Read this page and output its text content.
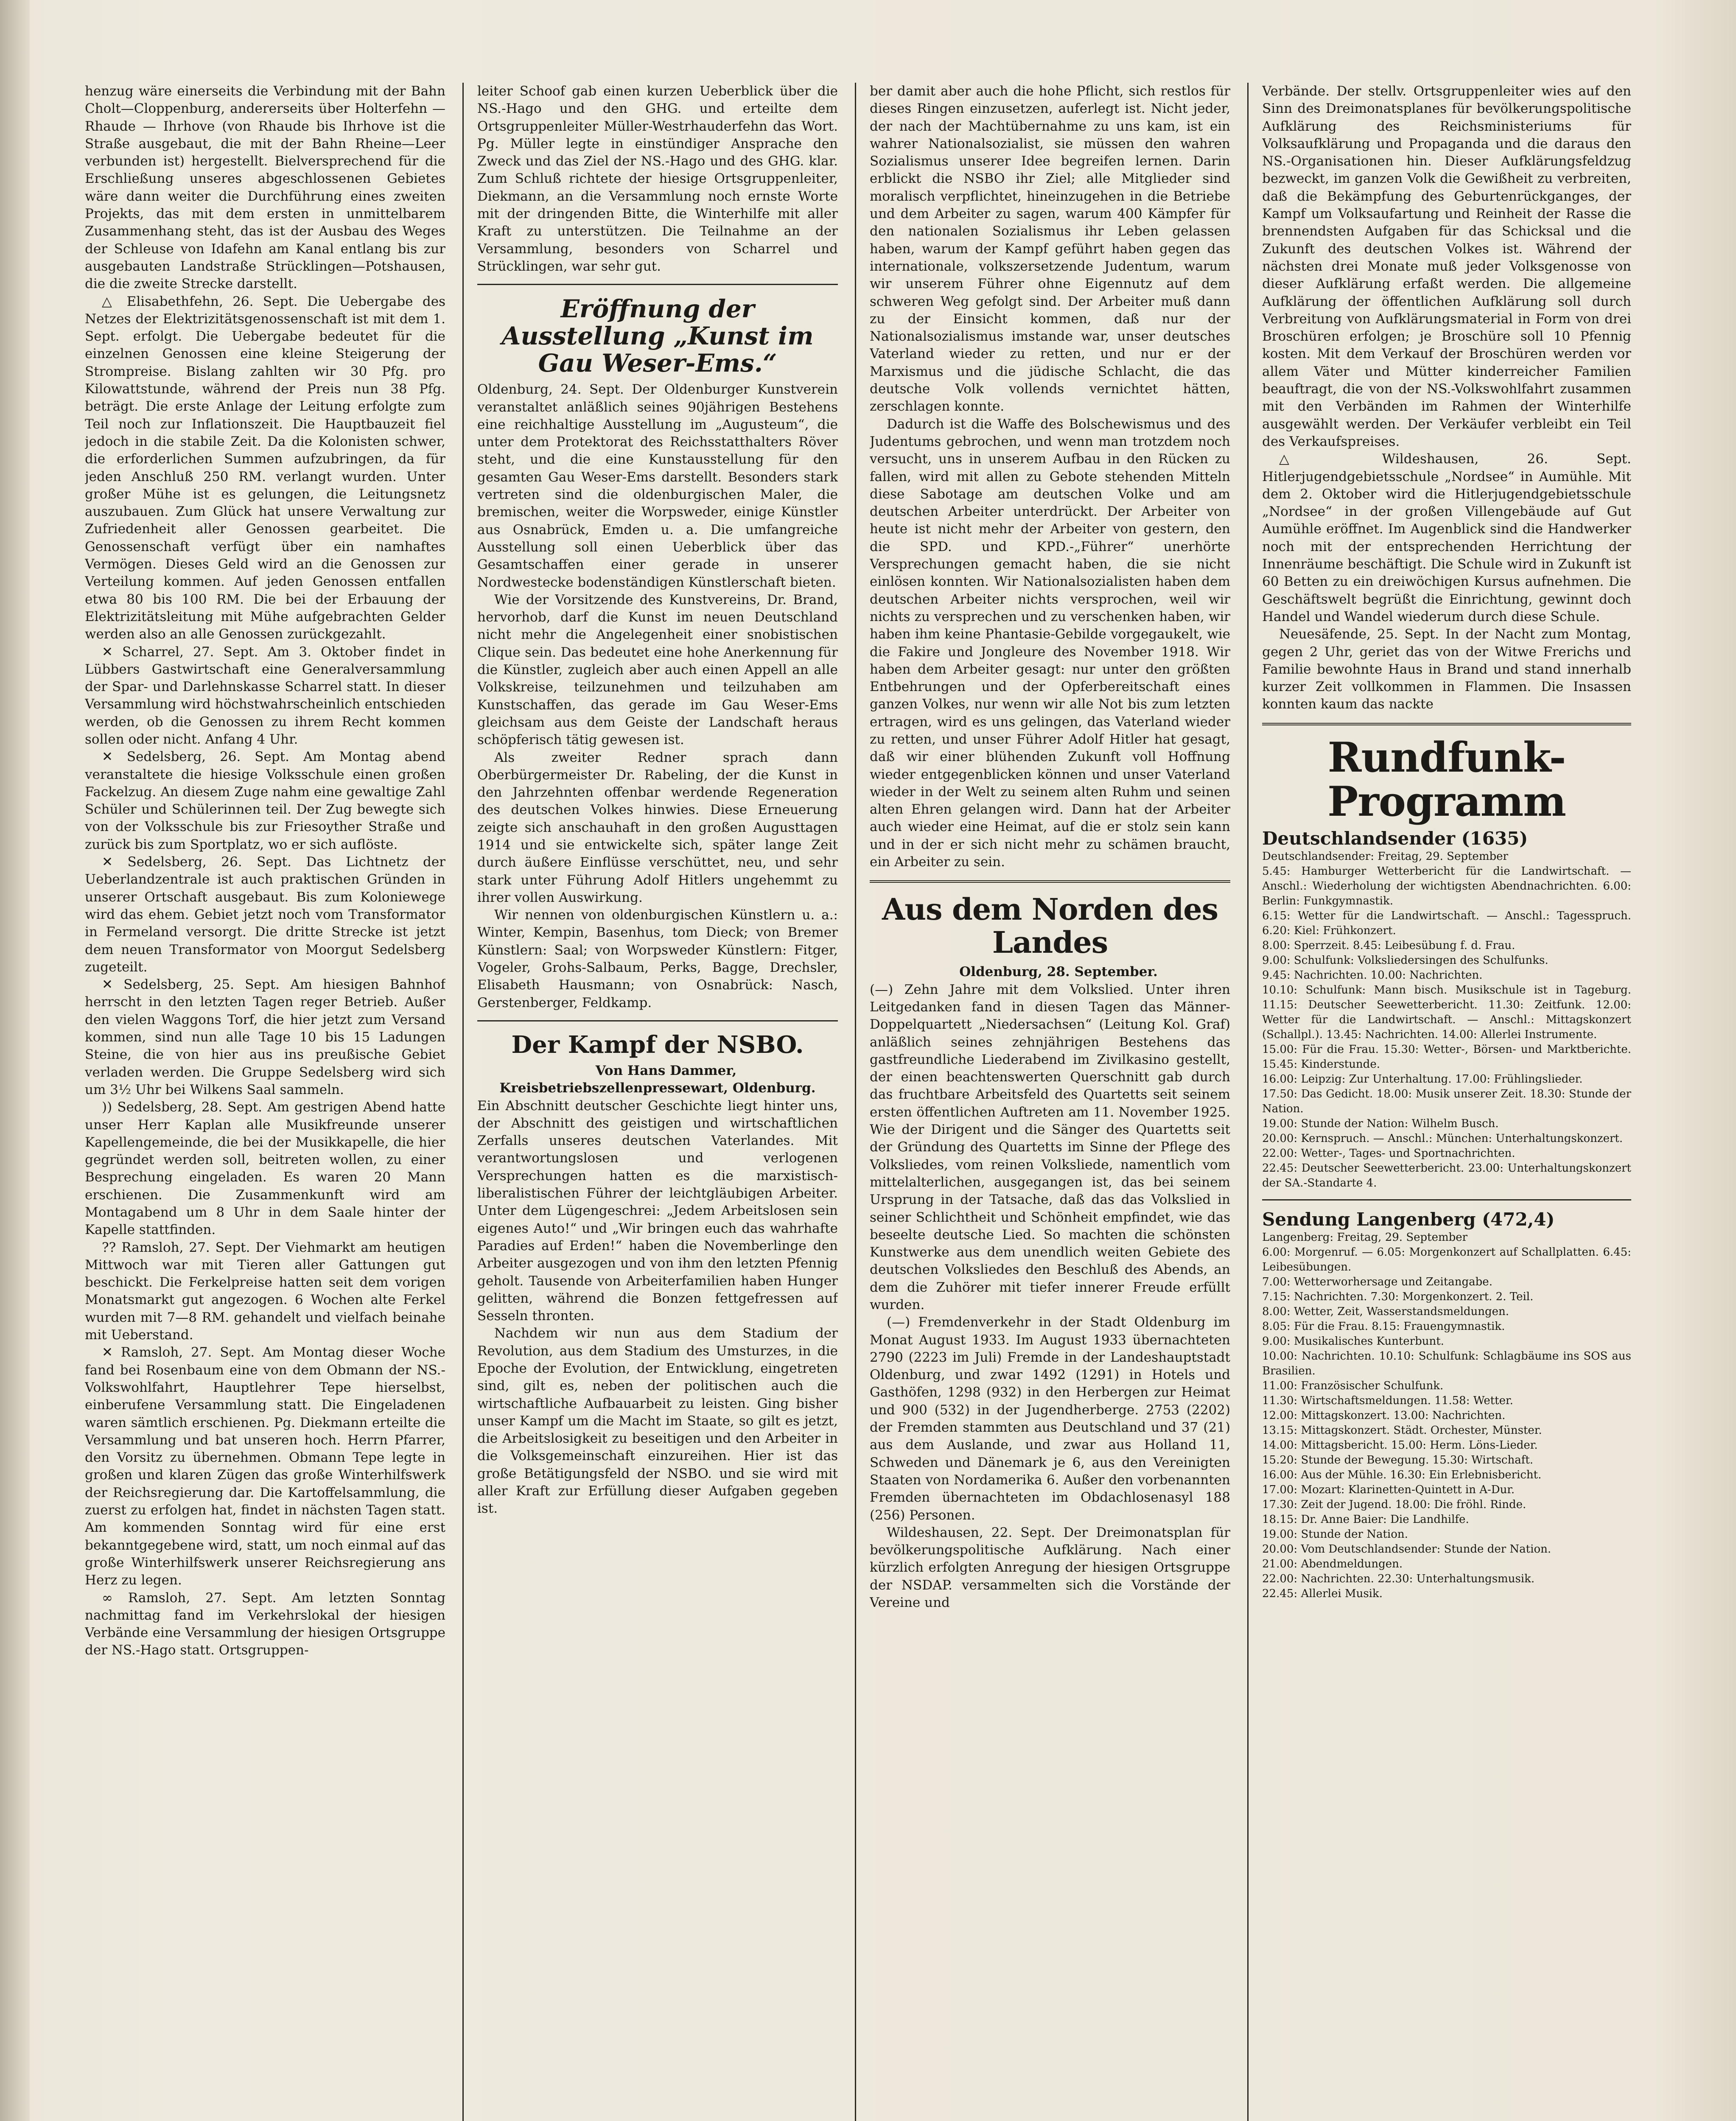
henzug wäre einerseits die Verbindung mit der Bahn Cholt—Cloppenburg, andererseits über Holterfehn — Rhaude — Ihrhove (von Rhaude bis Ihrhove ist die Straße ausgebaut, die mit der Bahn Rheine—Leer verbunden ist) hergestellt. Bielversprechend für die Erschließung unseres abgeschlossenen Gebietes wäre dann weiter die Durchführung eines zweiten Projekts, das mit dem ersten in unmittelbarem Zusammenhang steht, das ist der Ausbau des Weges der Schleuse von Idafehn am Kanal entlang bis zur ausgebauten Landstraße Strücklingen—Potshausen, die die zweite Strecke darstellt.

△ Elisabethfehn, 26. Sept. Die Uebergabe des Netzes der Elektrizitätsgenossenschaft ist mit dem 1. Sept. erfolgt. Die Uebergabe bedeutet für die einzelnen Genossen eine kleine Steigerung der Strompreise. Bislang zahlten wir 30 Pfg. pro Kilowattstunde, während der Preis nun 38 Pfg. beträgt. Die erste Anlage der Leitung erfolgte zum Teil noch zur Inflationszeit. Die Hauptbauzeit fiel jedoch in die stabile Zeit. Da die Kolonisten schwer, die erforderlichen Summen aufzubringen, da für jeden Anschluß 250 RM. verlangt wurden. Unter großer Mühe ist es gelungen, die Leitungsnetz auszubauen. Zum Glück hat unsere Verwaltung zur Zufriedenheit aller Genossen gearbeitet. Die Genossenschaft verfügt über ein namhaftes Vermögen. Dieses Geld wird an die Genossen zur Verteilung kommen. Auf jeden Genossen entfallen etwa 80 bis 100 RM. Die bei der Erbauung der Elektrizitätsleitung mit Mühe aufgebrachten Gelder werden also an alle Genossen zurückgezahlt.

✕ Scharrel, 27. Sept. Am 3. Oktober findet in Lübbers Gastwirtschaft eine Generalversammlung der Spar- und Darlehnskasse Scharrel statt. In dieser Versammlung wird höchstwahrscheinlich entschieden werden, ob die Genossen zu ihrem Recht kommen sollen oder nicht. Anfang 4 Uhr.

✕ Sedelsberg, 26. Sept. Am Montag abend veranstaltete die hiesige Volksschule einen großen Fackelzug. An diesem Zuge nahm eine gewaltige Zahl Schüler und Schülerinnen teil. Der Zug bewegte sich von der Volksschule bis zur Friesoyther Straße und zurück bis zum Sportplatz, wo er sich auflöste.

✕ Sedelsberg, 26. Sept. Das Lichtnetz der Ueberlandzentrale ist auch praktischen Gründen in unserer Ortschaft ausgebaut. Bis zum Koloniewege wird das ehem. Gebiet jetzt noch vom Transformator in Fermeland versorgt. Die dritte Strecke ist jetzt dem neuen Transformator von Moorgut Sedelsberg zugeteilt.

✕ Sedelsberg, 25. Sept. Am hiesigen Bahnhof herrscht in den letzten Tagen reger Betrieb. Außer den vielen Waggons Torf, die hier jetzt zum Versand kommen, sind nun alle Tage 10 bis 15 Ladungen Steine, die von hier aus ins preußische Gebiet verladen werden. Die Gruppe Sedelsberg wird sich um 3½ Uhr bei Wilkens Saal sammeln.

)) Sedelsberg, 28. Sept. Am gestrigen Abend hatte unser Herr Kaplan alle Musikfreunde unserer Kapellengemeinde, die bei der Musikkapelle, die hier gegründet werden soll, beitreten wollen, zu einer Besprechung eingeladen. Es waren 20 Mann erschienen. Die Zusammenkunft wird am Montagabend um 8 Uhr in dem Saale hinter der Kapelle stattfinden.

?? Ramsloh, 27. Sept. Der Viehmarkt am heutigen Mittwoch war mit Tieren aller Gattungen gut beschickt. Die Ferkelpreise hatten seit dem vorigen Monatsmarkt gut angezogen. 6 Wochen alte Ferkel wurden mit 7—8 RM. gehandelt und vielfach beinahe mit Ueberstand.

✕ Ramsloh, 27. Sept. Am Montag dieser Woche fand bei Rosenbaum eine von dem Obmann der NS.-Volkswohlfahrt, Hauptlehrer Tepe hierselbst, einberufene Versammlung statt. Die Eingeladenen waren sämtlich erschienen. Pg. Diekmann erteilte die Versammlung und bat unseren hoch. Herrn Pfarrer, den Vorsitz zu übernehmen. Obmann Tepe legte in großen und klaren Zügen das große Winterhilfswerk der Reichsregierung dar. Die Kartoffelsammlung, die zuerst zu erfolgen hat, findet in nächsten Tagen statt. Am kommenden Sonntag wird für eine erst bekanntgegebene wird, statt, um noch einmal auf das große Winterhilfswerk unserer Reichsregierung ans Herz zu legen.

∞ Ramsloh, 27. Sept. Am letzten Sonntag nachmittag fand im Verkehrslokal der hiesigen Verbände eine Versammlung der hiesigen Ortsgruppe der NS.-Hago statt. Ortsgruppen-

leiter Schoof gab einen kurzen Ueberblick über die NS.-Hago und den GHG. und erteilte dem Ortsgruppenleiter Müller-Westrhauderfehn das Wort. Pg. Müller legte in einstündiger Ansprache den Zweck und das Ziel der NS.-Hago und des GHG. klar. Zum Schluß richtete der hiesige Ortsgruppenleiter, Diekmann, an die Versammlung noch ernste Worte mit der dringenden Bitte, die Winterhilfe mit aller Kraft zu unterstützen. Die Teilnahme an der Versammlung, besonders von Scharrel und Strücklingen, war sehr gut.

Eröffnung der Ausstellung „Kunst im Gau Weser-Ems.“

Oldenburg, 24. Sept. Der Oldenburger Kunstverein veranstaltet anläßlich seines 90jährigen Bestehens eine reichhaltige Ausstellung im „Augusteum“, die unter dem Protektorat des Reichsstatthalters Röver steht, und die eine Kunstausstellung für den gesamten Gau Weser-Ems darstellt. Besonders stark vertreten sind die oldenburgischen Maler, die bremischen, weiter die Worpsweder, einige Künstler aus Osnabrück, Emden u. a. Die umfangreiche Ausstellung soll einen Ueberblick über das Gesamtschaffen einer gerade in unserer Nordwestecke bodenständigen Künstlerschaft bieten.

Wie der Vorsitzende des Kunstvereins, Dr. Brand, hervorhob, darf die Kunst im neuen Deutschland nicht mehr die Angelegenheit einer snobistischen Clique sein. Das bedeutet eine hohe Anerkennung für die Künstler, zugleich aber auch einen Appell an alle Volkskreise, teilzunehmen und teilzuhaben am Kunstschaffen, das gerade im Gau Weser-Ems gleichsam aus dem Geiste der Landschaft heraus schöpferisch tätig gewesen ist.

Als zweiter Redner sprach dann Oberbürgermeister Dr. Rabeling, der die Kunst in den Jahrzehnten offenbar werdende Regeneration des deutschen Volkes hinwies. Diese Erneuerung zeigte sich anschauhaft in den großen Augusttagen 1914 und sie entwickelte sich, später lange Zeit durch äußere Einflüsse verschüttet, neu, und sehr stark unter Führung Adolf Hitlers ungehemmt zu ihrer vollen Auswirkung.

Wir nennen von oldenburgischen Künstlern u. a.: Winter, Kempin, Basenhus, tom Dieck; von Bremer Künstlern: Saal; von Worpsweder Künstlern: Fitger, Vogeler, Grohs-Salbaum, Perks, Bagge, Drechsler, Elisabeth Hausmann; von Osnabrück: Nasch, Gerstenberger, Feldkamp.

Der Kampf der NSBO.

Von Hans Dammer, Kreisbetriebszellenpressewart, Oldenburg.

Ein Abschnitt deutscher Geschichte liegt hinter uns, der Abschnitt des geistigen und wirtschaftlichen Zerfalls unseres deutschen Vaterlandes. Mit verantwortungslosen und verlogenen Versprechungen hatten es die marxistisch-liberalistischen Führer der leichtgläubigen Arbeiter. Unter dem Lügengeschrei: „Jedem Arbeitslosen sein eigenes Auto!“ und „Wir bringen euch das wahrhafte Paradies auf Erden!“ haben die Novemberlinge den Arbeiter ausgezogen und von ihm den letzten Pfennig geholt. Tausende von Arbeiterfamilien haben Hunger gelitten, während die Bonzen fettgefressen auf Sesseln thronten.

Nachdem wir nun aus dem Stadium der Revolution, aus dem Stadium des Umsturzes, in die Epoche der Evolution, der Entwicklung, eingetreten sind, gilt es, neben der politischen auch die wirtschaftliche Aufbauarbeit zu leisten. Ging bisher unser Kampf um die Macht im Staate, so gilt es jetzt, die Arbeitslosigkeit zu beseitigen und den Arbeiter in die Volksgemeinschaft einzureihen. Hier ist das große Betätigungsfeld der NSBO. und sie wird mit aller Kraft zur Erfüllung dieser Aufgaben gegeben ist.

ber damit aber auch die hohe Pflicht, sich restlos für dieses Ringen einzusetzen, auferlegt ist. Nicht jeder, der nach der Machtübernahme zu uns kam, ist ein wahrer Nationalsozialist, sie müssen den wahren Sozialismus unserer Idee begreifen lernen. Darin erblickt die NSBO ihr Ziel; alle Mitglieder sind moralisch verpflichtet, hineinzugehen in die Betriebe und dem Arbeiter zu sagen, warum 400 Kämpfer für den nationalen Sozialismus ihr Leben gelassen haben, warum der Kampf geführt haben gegen das internationale, volkszersetzende Judentum, warum wir unserem Führer ohne Eigennutz auf dem schweren Weg gefolgt sind. Der Arbeiter muß dann zu der Einsicht kommen, daß nur der Nationalsozialismus imstande war, unser deutsches Vaterland wieder zu retten, und nur er der Marxismus und die jüdische Schlacht, die das deutsche Volk vollends vernichtet hätten, zerschlagen konnte.

Dadurch ist die Waffe des Bolschewismus und des Judentums gebrochen, und wenn man trotzdem noch versucht, uns in unserem Aufbau in den Rücken zu fallen, wird mit allen zu Gebote stehenden Mitteln diese Sabotage am deutschen Volke und am deutschen Arbeiter unterdrückt. Der Arbeiter von heute ist nicht mehr der Arbeiter von gestern, den die SPD. und KPD.-„Führer“ unerhörte Versprechungen gemacht haben, die sie nicht einlösen konnten. Wir Nationalsozialisten haben dem deutschen Arbeiter nichts versprochen, weil wir nichts zu versprechen und zu verschenken haben, wir haben ihm keine Phantasie-Gebilde vorgegaukelt, wie die Fakire und Jongleure des November 1918. Wir haben dem Arbeiter gesagt: nur unter den größten Entbehrungen und der Opferbereitschaft eines ganzen Volkes, nur wenn wir alle Not bis zum letzten ertragen, wird es uns gelingen, das Vaterland wieder zu retten, und unser Führer Adolf Hitler hat gesagt, daß wir einer blühenden Zukunft voll Hoffnung wieder entgegenblicken können und unser Vaterland wieder in der Welt zu seinem alten Ruhm und seinen alten Ehren gelangen wird. Dann hat der Arbeiter auch wieder eine Heimat, auf die er stolz sein kann und in der er sich nicht mehr zu schämen braucht, ein Arbeiter zu sein.

Aus dem Norden des Landes

Oldenburg, 28. September.

(—) Zehn Jahre mit dem Volkslied. Unter ihren Leitgedanken fand in diesen Tagen das Männer-Doppelquartett „Niedersachsen“ (Leitung Kol. Graf) anläßlich seines zehnjährigen Bestehens das gastfreundliche Liederabend im Zivilkasino gestellt, der einen beachtenswerten Querschnitt gab durch das fruchtbare Arbeitsfeld des Quartetts seit seinem ersten öffentlichen Auftreten am 11. November 1925. Wie der Dirigent und die Sänger des Quartetts seit der Gründung des Quartetts im Sinne der Pflege des Volksliedes, vom reinen Volksliede, namentlich vom mittelalterlichen, ausgegangen ist, das bei seinem Ursprung in der Tatsache, daß das das Volkslied in seiner Schlichtheit und Schönheit empfindet, wie das beseelte deutsche Lied. So machten die schönsten Kunstwerke aus dem unendlich weiten Gebiete des deutschen Volksliedes den Beschluß des Abends, an dem die Zuhörer mit tiefer innerer Freude erfüllt wurden.

(—) Fremdenverkehr in der Stadt Oldenburg im Monat August 1933. Im August 1933 übernachteten 2790 (2223 im Juli) Fremde in der Landeshauptstadt Oldenburg, und zwar 1492 (1291) in Hotels und Gasthöfen, 1298 (932) in den Herbergen zur Heimat und 900 (532) in der Jugendherberge. 2753 (2202) der Fremden stammten aus Deutschland und 37 (21) aus dem Auslande, und zwar aus Holland 11, Schweden und Dänemark je 6, aus den Vereinigten Staaten von Nordamerika 6. Außer den vorbenannten Fremden übernachteten im Obdachlosenasyl 188 (256) Personen.

Wildeshausen, 22. Sept. Der Dreimonatsplan für bevölkerungspolitische Aufklärung. Nach einer kürzlich erfolgten Anregung der hiesigen Ortsgruppe der NSDAP. versammelten sich die Vorstände der Vereine und

Verbände. Der stellv. Ortsgruppenleiter wies auf den Sinn des Dreimonatsplanes für bevölkerungspolitische Aufklärung des Reichsministeriums für Volksaufklärung und Propaganda und die daraus den NS.-Organisationen hin. Dieser Aufklärungsfeldzug bezweckt, im ganzen Volk die Gewißheit zu verbreiten, daß die Bekämpfung des Geburtenrückganges, der Kampf um Volksaufartung und Reinheit der Rasse die brennendsten Aufgaben für das Schicksal und die Zukunft des deutschen Volkes ist. Während der nächsten drei Monate muß jeder Volksgenosse von dieser Aufklärung erfaßt werden. Die allgemeine Aufklärung der öffentlichen Aufklärung soll durch Verbreitung von Aufklärungsmaterial in Form von drei Broschüren erfolgen; je Broschüre soll 10 Pfennig kosten. Mit dem Verkauf der Broschüren werden vor allem Väter und Mütter kinderreicher Familien beauftragt, die von der NS.-Volkswohlfahrt zusammen mit den Verbänden im Rahmen der Winterhilfe ausgewählt werden. Der Verkäufer verbleibt ein Teil des Verkaufspreises.

△ Wildeshausen, 26. Sept. Hitlerjugendgebietsschule „Nordsee“ in Aumühle. Mit dem 2. Oktober wird die Hitlerjugendgebietsschule „Nordsee“ in der großen Villengebäude auf Gut Aumühle eröffnet. Im Augenblick sind die Handwerker noch mit der entsprechenden Herrichtung der Innenräume beschäftigt. Die Schule wird in Zukunft ist 60 Betten zu ein dreiwöchigen Kursus aufnehmen. Die Geschäftswelt begrüßt die Einrichtung, gewinnt doch Handel und Wandel wiederum durch diese Schule.

Neuesäfende, 25. Sept. In der Nacht zum Montag, gegen 2 Uhr, geriet das von der Witwe Frerichs und Familie bewohnte Haus in Brand und stand innerhalb kurzer Zeit vollkommen in Flammen. Die Insassen konnten kaum das nackte

Rundfunk-Programm

Deutschlandsender (1635)

Deutschlandsender: Freitag, 29. September

5.45: Hamburger Wetterbericht für die Landwirtschaft. — Anschl.: Wiederholung der wichtigsten Abendnachrichten. 6.00: Berlin: Funkgymnastik.

6.15: Wetter für die Landwirtschaft. — Anschl.: Tagesspruch. 6.20: Kiel: Frühkonzert.

8.00: Sperrzeit. 8.45: Leibesübung f. d. Frau.

9.00: Schulfunk: Volksliedersingen des Schulfunks.

9.45: Nachrichten. 10.00: Nachrichten.

10.10: Schulfunk: Mann bisch. Musikschule ist in Tageburg. 11.15: Deutscher Seewetterbericht. 11.30: Zeitfunk. 12.00: Wetter für die Landwirtschaft. — Anschl.: Mittagskonzert (Schallpl.). 13.45: Nachrichten. 14.00: Allerlei Instrumente.

15.00: Für die Frau. 15.30: Wetter-, Börsen- und Marktberichte. 15.45: Kinderstunde.

16.00: Leipzig: Zur Unterhaltung. 17.00: Frühlingslieder.

17.50: Das Gedicht. 18.00: Musik unserer Zeit. 18.30: Stunde der Nation.

19.00: Stunde der Nation: Wilhelm Busch.

20.00: Kernspruch. — Anschl.: München: Unterhaltungskonzert.

22.00: Wetter-, Tages- und Sportnachrichten.

22.45: Deutscher Seewetterbericht. 23.00: Unterhaltungskonzert der SA.-Standarte 4.

Sendung Langenberg (472,4)

Langenberg: Freitag, 29. September

6.00: Morgenruf. — 6.05: Morgenkonzert auf Schallplatten. 6.45: Leibesübungen.

7.00: Wetterworhersage und Zeitangabe.

7.15: Nachrichten. 7.30: Morgenkonzert. 2. Teil.

8.00: Wetter, Zeit, Wasserstandsmeldungen.

8.05: Für die Frau. 8.15: Frauengymnastik.

9.00: Musikalisches Kunterbunt.

10.00: Nachrichten. 10.10: Schulfunk: Schlagbäume ins SOS aus Brasilien.

11.00: Französischer Schulfunk.

11.30: Wirtschaftsmeldungen. 11.58: Wetter.

12.00: Mittagskonzert. 13.00: Nachrichten.

13.15: Mittagskonzert. Städt. Orchester, Münster.

14.00: Mittagsbericht. 15.00: Herm. Löns-Lieder.

15.20: Stunde der Bewegung. 15.30: Wirtschaft.

16.00: Aus der Mühle. 16.30: Ein Erlebnisbericht.

17.00: Mozart: Klarinetten-Quintett in A-Dur.

17.30: Zeit der Jugend. 18.00: Die fröhl. Rinde.

18.15: Dr. Anne Baier: Die Landhilfe.

19.00: Stunde der Nation.

20.00: Vom Deutschlandsender: Stunde der Nation.

21.00: Abendmeldungen.

22.00: Nachrichten. 22.30: Unterhaltungsmusik.

22.45: Allerlei Musik.
